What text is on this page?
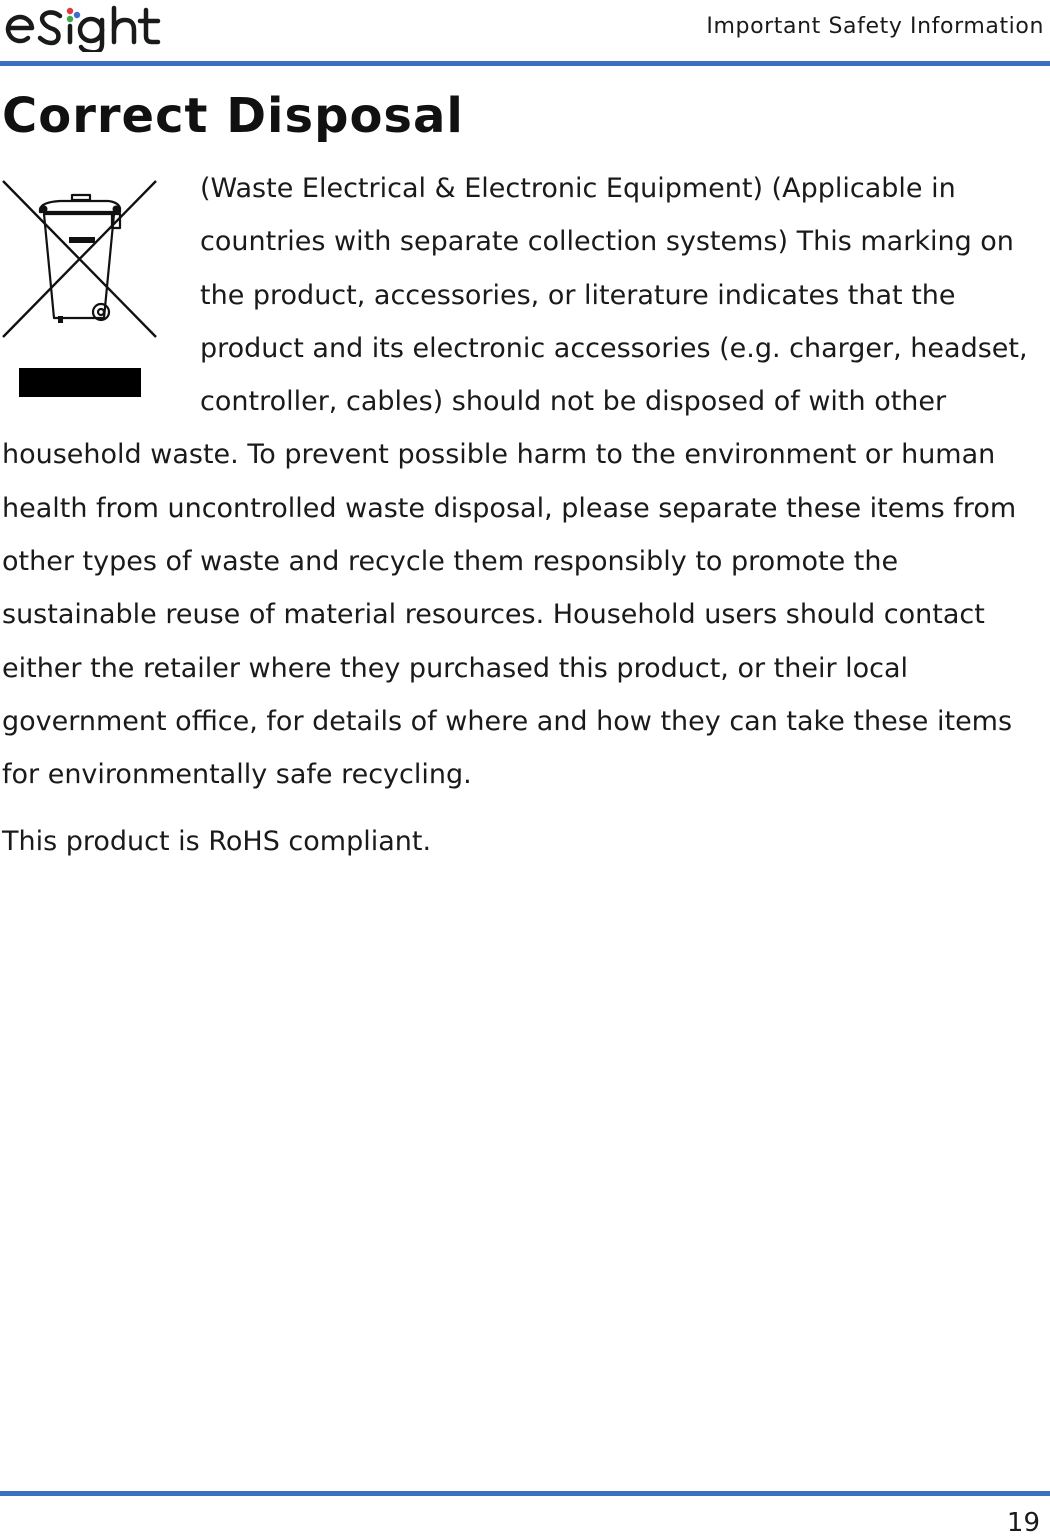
Important Safety Information
Correct Disposal
(Waste Electrical & Electronic Equipment) (Applicable in countries with separate collection systems) This marking on the product, accessories, or literature indicates that the product and its electronic accessories (e.g. charger, headset, controller, cables) should not be disposed of with other household waste. To prevent possible harm to the environment or human health from uncontrolled waste disposal, please separate these items from other types of waste and recycle them responsibly to promote the sustainable reuse of material resources. Household users should contact either the retailer where they purchased this product, or their local government office, for details of where and how they can take these items for environmentally safe recycling.

This product is RoHS compliant.

19
